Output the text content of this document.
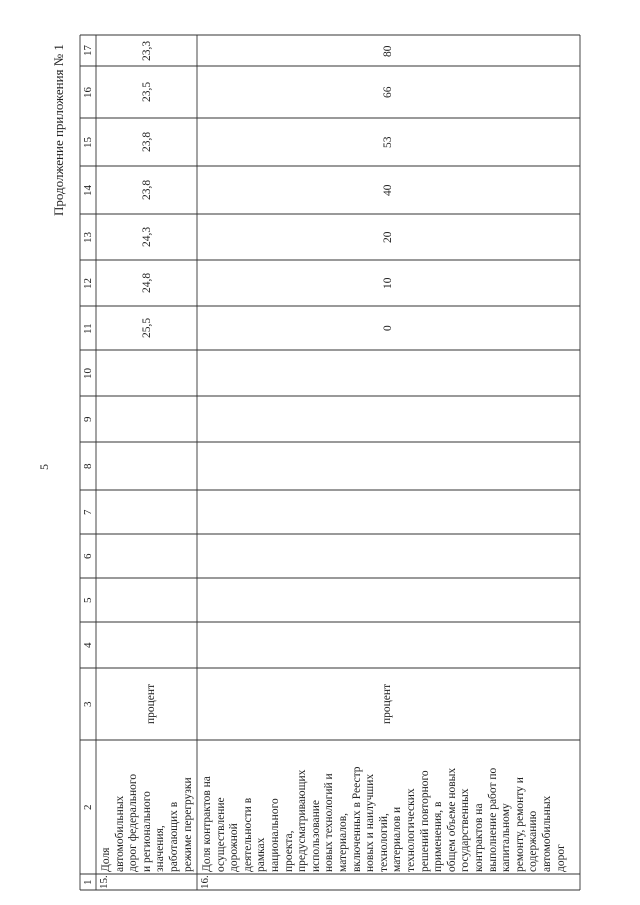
Продолжение приложения № 1
5
1
2
3
4
5
6
7
8
9
10
11
12
13
14
15
16
17
15.
Доля автомобильных дорог федерального и регионального значения, работающих в режиме перегрузки
процент
25,5
24,8
24,3
23,8
23,8
23,5
23,3
16.
Доля контрактов на осуществление дорожной деятельности в рамках национального проекта, предусматривающих использование новых технологий и материалов, включенных в Реестр новых и наилучших технологий, материалов и технологических решений повторного применения, в общем объеме новых государственных контрактов на выполнение работ по капитальному ремонту, ремонту и содержанию автомобильных дорог
процент
0
10
20
40
53
66
80
